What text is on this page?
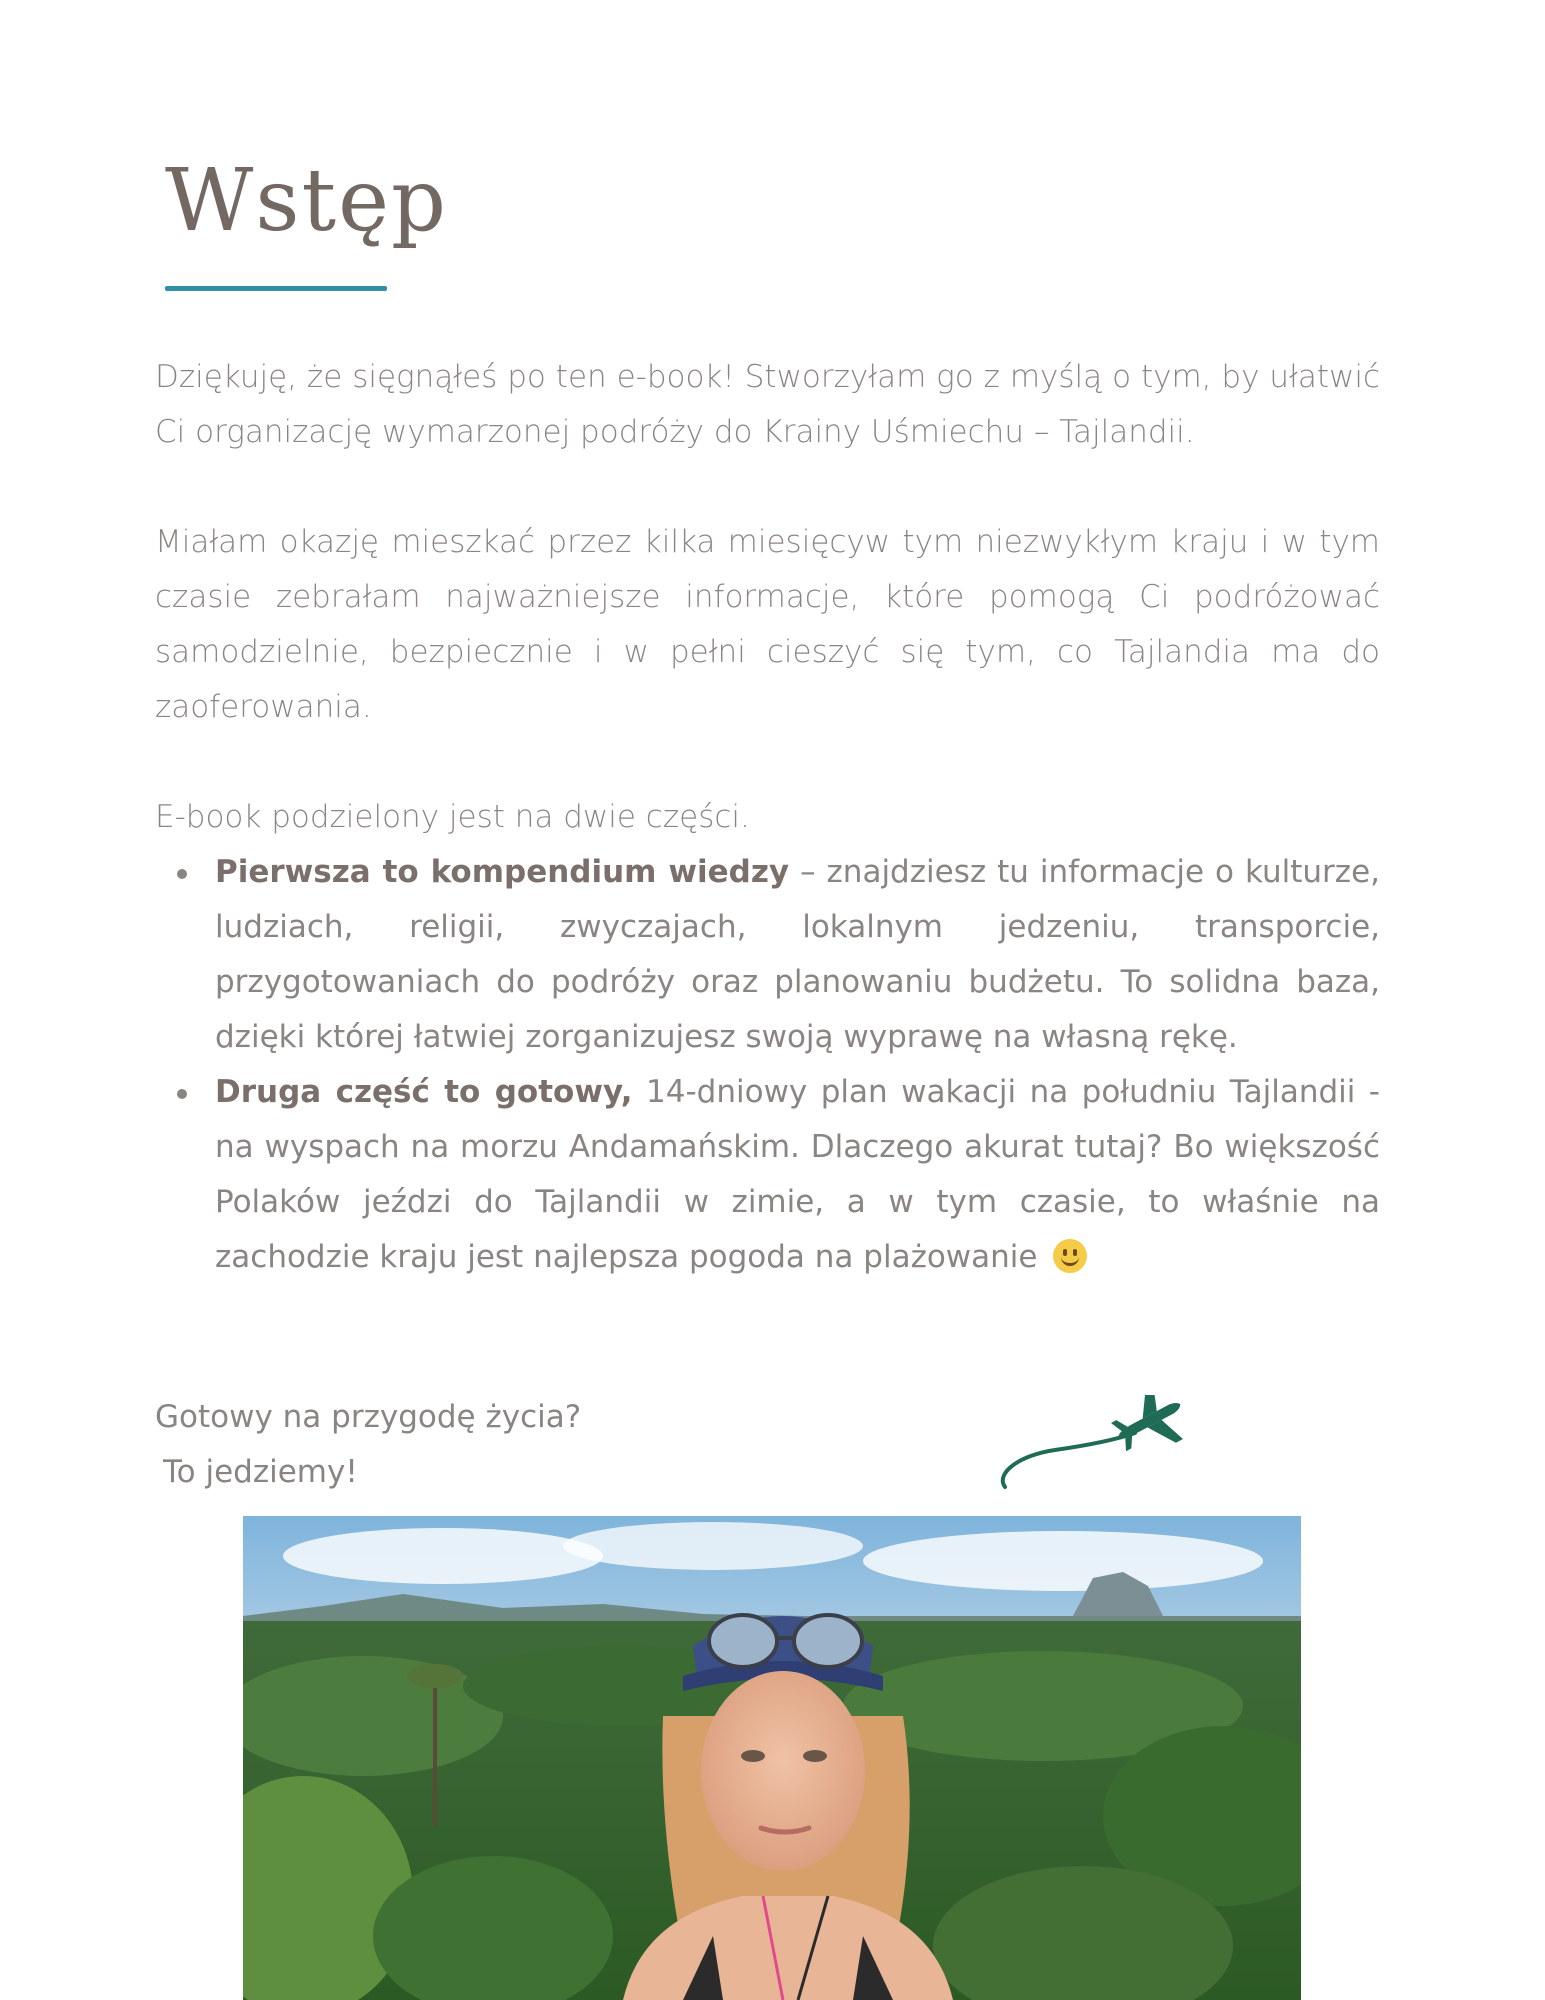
Wstęp

Dziękuję, że sięgnąłeś po ten e-book! Stworzyłam go z myślą o tym, by ułatwić Ci organizację wymarzonej podróży do Krainy Uśmiechu – Tajlandii.

Miałam okazję mieszkać przez kilka miesięcyw tym niezwykłym kraju i w tym czasie zebrałam najważniejsze informacje, które pomogą Ci podróżować samodzielnie, bezpiecznie i w pełni cieszyć się tym, co Tajlandia ma do zaoferowania.

E-book podzielony jest na dwie części.

Pierwsza to kompendium wiedzy – znajdziesz tu informacje o kulturze, ludziach, religii, zwyczajach, lokalnym jedzeniu, transporcie, przygotowaniach do podróży oraz planowaniu budżetu. To solidna baza, dzięki której łatwiej zorganizujesz swoją wyprawę na własną rękę.
Druga część to gotowy, 14-dniowy plan wakacji na południu Tajlandii - na wyspach na morzu Andamańskim. Dlaczego akurat tutaj? Bo większość Polaków jeździ do Tajlandii w zimie, a w tym czasie, to właśnie na zachodzie kraju jest najlepsza pogoda na plażowanie
Gotowy na przygodę życia?
To jedziemy!
